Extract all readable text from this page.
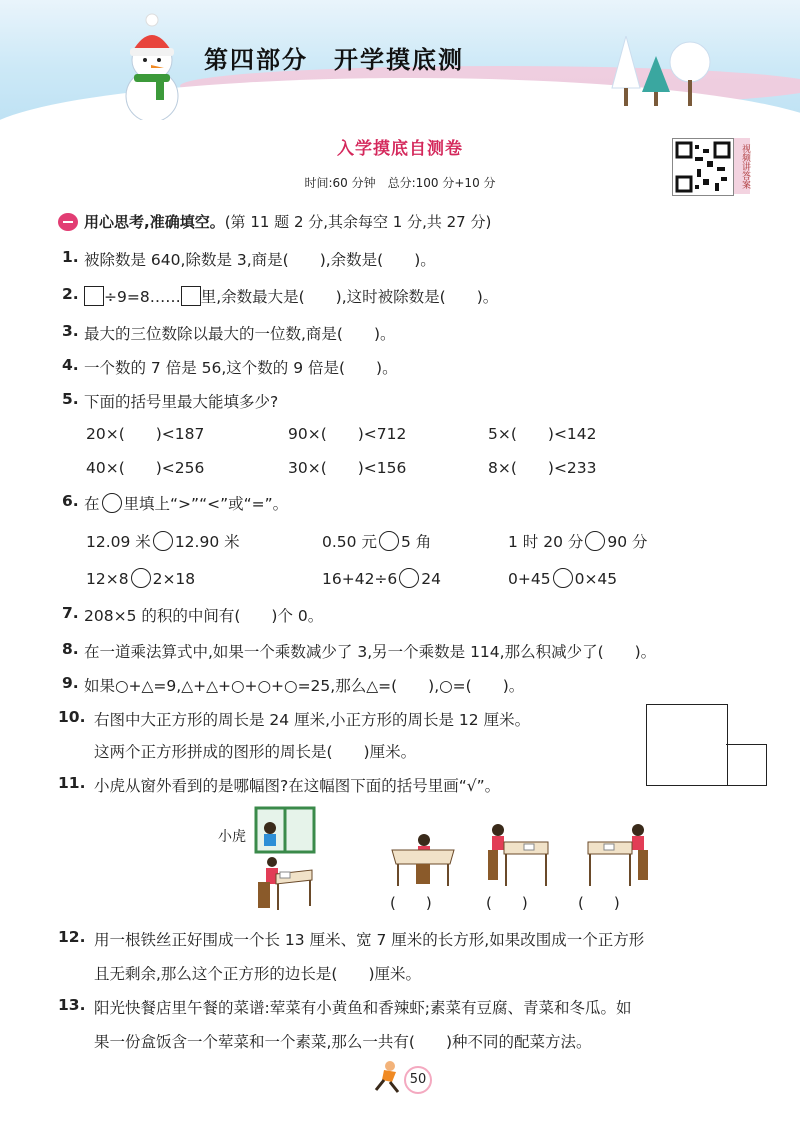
第四部分　开学摸底测
入学摸底自测卷
时间:60 分钟　总分:100 分+10 分	视频讲答案
用心思考,准确填空。(第 11 题 2 分,其余每空 1 分,共 27 分)
1. 被除数是 640,除数是 3,商是(　　),余数是(　　)。
2.	÷9=8…… 里,余数最大是(　　),这时被除数是(　　)。
3. 最大的三位数除以最大的一位数,商是(　　)。
4. 一个数的 7 倍是 56,这个数的 9 倍是(　　)。
5. 下面的括号里最大能填多少?
20×(　　)<187	90×(　　)<712	5×(　　)<142
40×(　　)<256	30×(　　)<156	8×(　　)<233
6. 在 里填上“>”“<”或“=”。
12.09 米 12.90 米	0.50 元 5 角	1 时 20 分 90 分
12×8 2×18	16+42÷6 24	0+45 0×45
7. 208×5 的积的中间有(　　)个 0。
8. 在一道乘法算式中,如果一个乘数减少了 3,另一个乘数是 114,那么积减少了(　　)。
9. 如果○+△=9,△+△+○+○+○=25,那么△=(　　),○=(　　)。
10. 右图中大正方形的周长是 24 厘米,小正方形的周长是 12 厘米。
这两个正方形拼成的图形的周长是(　　)厘米。
11. 小虎从窗外看到的是哪幅图?在这幅图下面的括号里画“√”。
小虎
(　　)	(　　)	(　　)
12. 用一根铁丝正好围成一个长 13 厘米、宽 7 厘米的长方形,如果改围成一个正方形
且无剩余,那么这个正方形的边长是(　　)厘米。
13. 阳光快餐店里午餐的菜谱:荤菜有小黄鱼和香辣虾;素菜有豆腐、青菜和冬瓜。如
果一份盒饭含一个荤菜和一个素菜,那么一共有(　　)种不同的配菜方法。
50
